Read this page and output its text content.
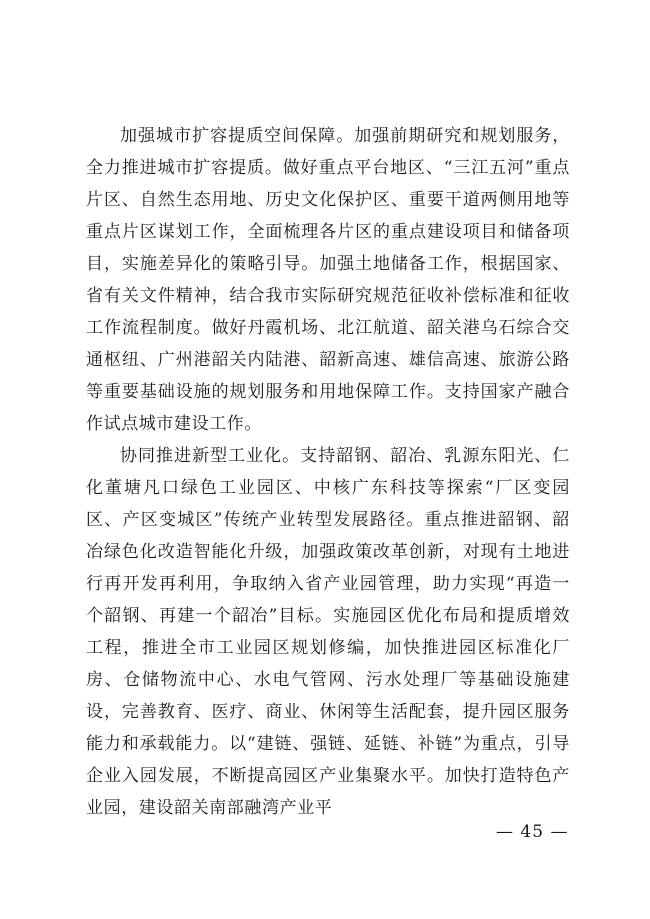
加强城市扩容提质空间保障。加强前期研究和规划服务，全力推进城市扩容提质。做好重点平台地区、“三江五河”重点片区、自然生态用地、历史文化保护区、重要干道两侧用地等重点片区谋划工作，全面梳理各片区的重点建设项目和储备项目，实施差异化的策略引导。加强土地储备工作，根据国家、省有关文件精神，结合我市实际研究规范征收补偿标准和征收工作流程制度。做好丹霞机场、北江航道、韶关港乌石综合交通枢纽、广州港韶关内陆港、韶新高速、雄信高速、旅游公路等重要基础设施的规划服务和用地保障工作。支持国家产融合作试点城市建设工作。

协同推进新型工业化。支持韶钢、韶冶、乳源东阳光、仁化董塘凡口绿色工业园区、中核广东科技等探索“厂区变园区、产区变城区”传统产业转型发展路径。重点推进韶钢、韶冶绿色化改造智能化升级，加强政策改革创新，对现有土地进行再开发再利用，争取纳入省产业园管理，助力实现“再造一个韶钢、再建一个韶冶”目标。实施园区优化布局和提质增效工程，推进全市工业园区规划修编，加快推进园区标准化厂房、仓储物流中心、水电气管网、污水处理厂等基础设施建设，完善教育、医疗、商业、休闲等生活配套，提升园区服务能力和承载能力。以“建链、强链、延链、补链”为重点，引导企业入园发展，不断提高园区产业集聚水平。加快打造特色产业园，建设韶关南部融湾产业平

— 45 —
